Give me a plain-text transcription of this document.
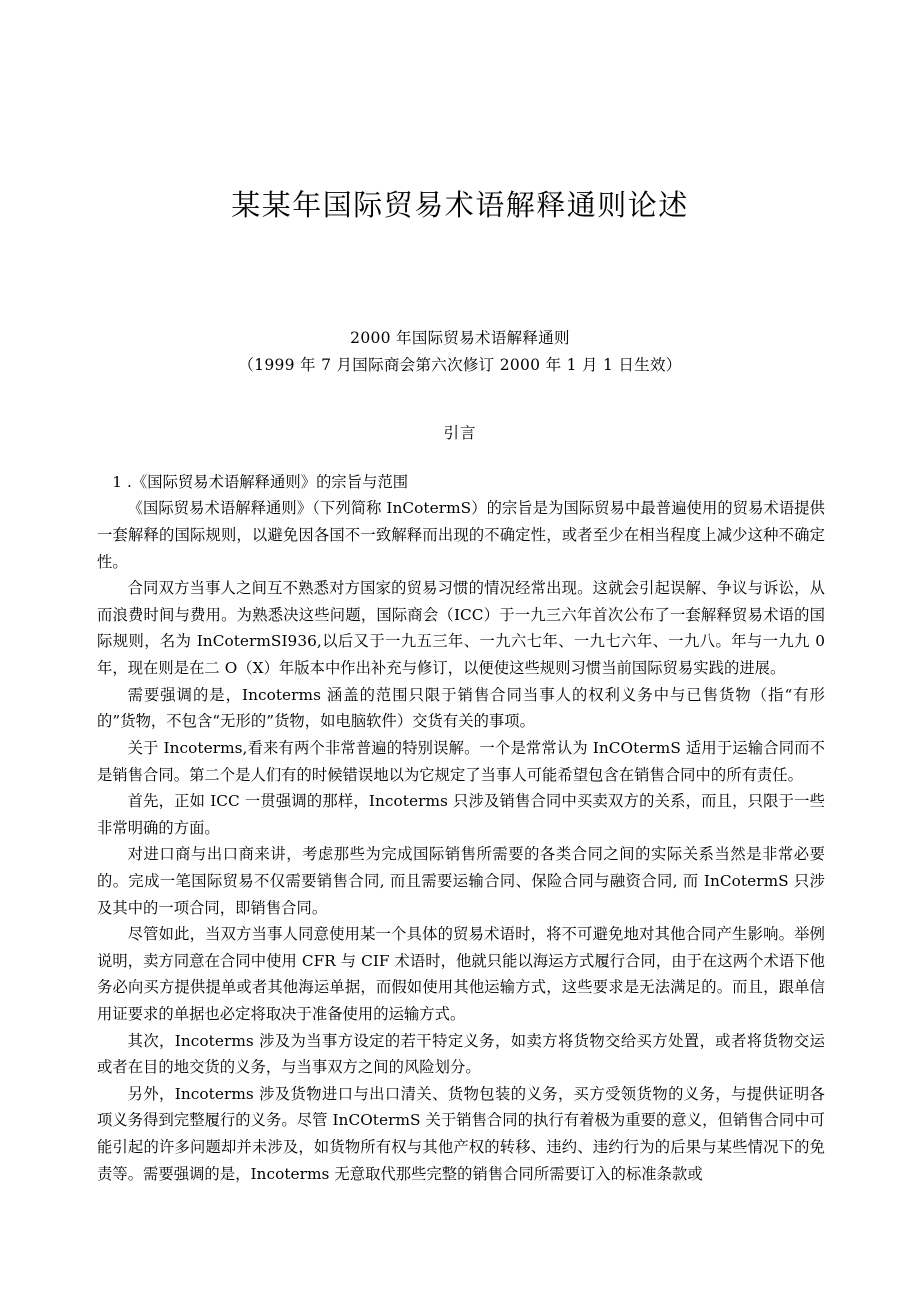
某某年国际贸易术语解释通则论述
2000 年国际贸易术语解释通则
（1999 年 7 月国际商会第六次修订 2000 年 1 月 1 日生效）
引言

1 .《国际贸易术语解释通则》的宗旨与范围

《国际贸易术语解释通则》（下列简称 InCotermS）的宗旨是为国际贸易中最普遍使用的贸易术语提供一套解释的国际规则，以避免因各国不一致解释而出现的不确定性，或者至少在相当程度上减少这种不确定性。

合同双方当事人之间互不熟悉对方国家的贸易习惯的情况经常出现。这就会引起误解、争议与诉讼，从而浪费时间与费用。为熟悉决这些问题，国际商会（ICC）于一九三六年首次公布了一套解释贸易术语的国际规则，名为 InCotermSI936,以后又于一九五三年、一九六七年、一九七六年、一九八。年与一九九 0 年，现在则是在二 O（X）年版本中作出补充与修订，以便使这些规则习惯当前国际贸易实践的进展。

需要强调的是，Incoterms 涵盖的范围只限于销售合同当事人的权利义务中与已售货物（指“有形的”货物，不包含“无形的”货物，如电脑软件）交货有关的事项。

关于 Incoterms,看来有两个非常普遍的特别误解。一个是常常认为 InCOtermS 适用于运输合同而不是销售合同。第二个是人们有的时候错误地以为它规定了当事人可能希望包含在销售合同中的所有责任。

首先，正如 ICC 一贯强调的那样，Incoterms 只涉及销售合同中买卖双方的关系，而且，只限于一些非常明确的方面。

对进口商与出口商来讲，考虑那些为完成国际销售所需要的各类合同之间的实际关系当然是非常必要的。完成一笔国际贸易不仅需要销售合同, 而且需要运输合同、保险合同与融资合同, 而 InCotermS 只涉及其中的一项合同，即销售合同。

尽管如此，当双方当事人同意使用某一个具体的贸易术语时，将不可避免地对其他合同产生影响。举例说明，卖方同意在合同中使用 CFR 与 CIF 术语时，他就只能以海运方式履行合同，由于在这两个术语下他务必向买方提供提单或者其他海运单据，而假如使用其他运输方式，这些要求是无法满足的。而且，跟单信用证要求的单据也必定将取决于准备使用的运输方式。

其次，Incoterms 涉及为当事方设定的若干特定义务，如卖方将货物交给买方处置，或者将货物交运或者在目的地交货的义务，与当事双方之间的风险划分。

另外，Incoterms 涉及货物进口与出口清关、货物包装的义务，买方受领货物的义务，与提供证明各项义务得到完整履行的义务。尽管 InCOtermS 关于销售合同的执行有着极为重要的意义，但销售合同中可能引起的许多问题却并未涉及，如货物所有权与其他产权的转移、违约、违约行为的后果与某些情况下的免责等。需要强调的是，Incoterms 无意取代那些完整的销售合同所需要订入的标准条款或
